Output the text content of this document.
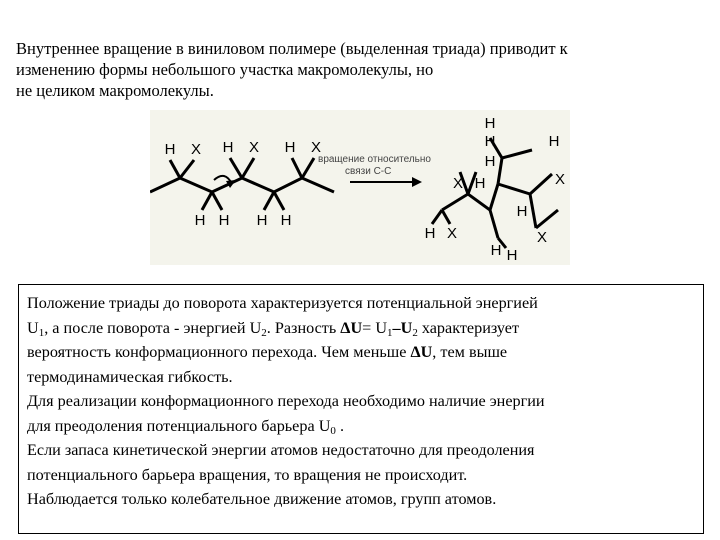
Внутреннее вращение в виниловом полимере (выделенная триада) приводит к
изменению формы небольшого участка макромолекулы, но
не целиком макромолекулы.
H X
H H
H X
H H
H X
вращение относительно
связи С-С
H
H	H
H
X
X H
H X
H
X
H H
Положение триады до поворота характеризуется потенциальной энергией
$U_1$, а после поворота - энергией $U_2$. Разность $\Delta U= U_1-U_2$ характеризует
вероятность конформационного перехода. Чем меньше ΔU, тем выше
термодинамическая гибкость.
Для реализации конформационного перехода необходимо наличие энергии
для преодоления потенциального барьера $U_0$ .
Если запаса кинетической энергии атомов недостаточно для преодоления
потенциального барьера вращения, то вращения не происходит.
Наблюдается только колебательное движение атомов, групп атомов.
